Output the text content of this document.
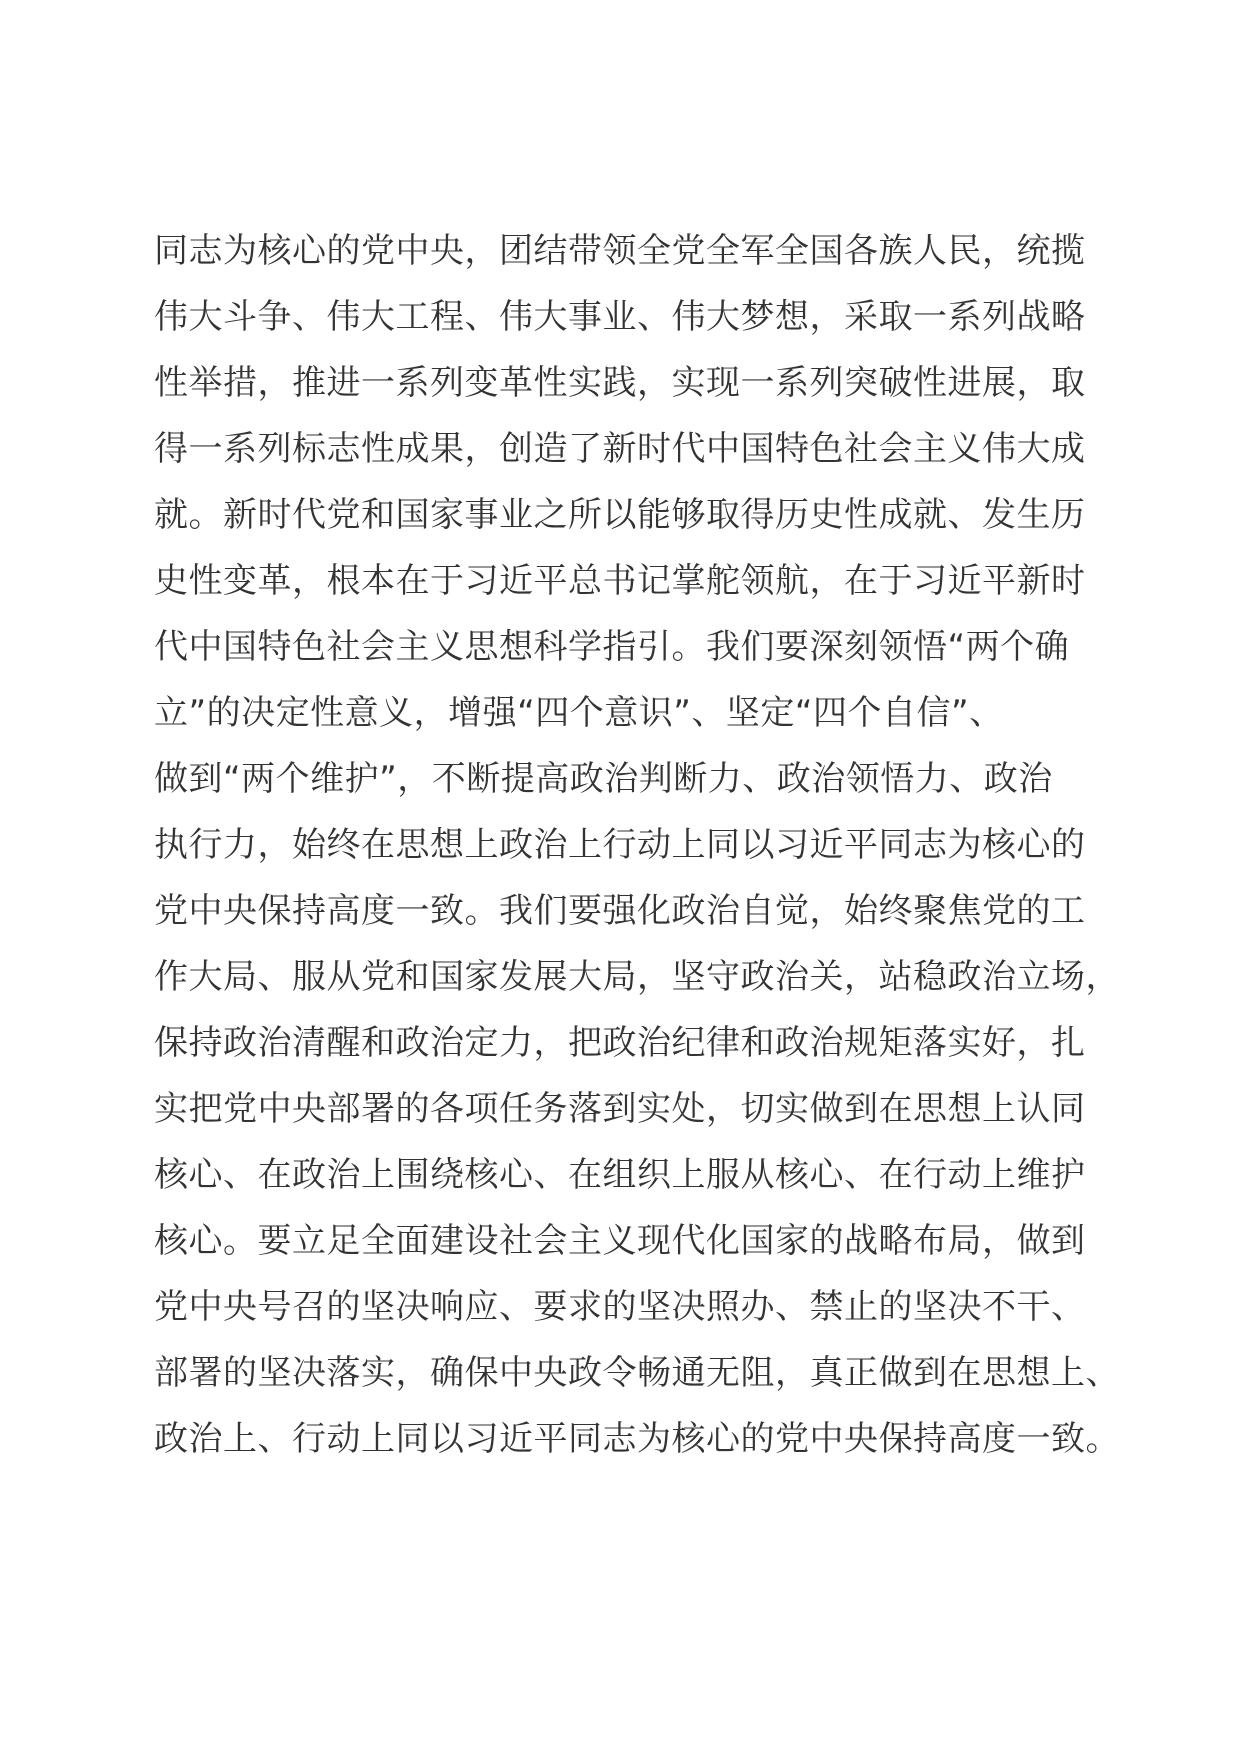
同志为核心的党中央，团结带领全党全军全国各族人民，统揽
伟大斗争、伟大工程、伟大事业、伟大梦想，采取一系列战略
性举措，推进一系列变革性实践，实现一系列突破性进展，取
得一系列标志性成果，创造了新时代中国特色社会主义伟大成
就。新时代党和国家事业之所以能够取得历史性成就、发生历
史性变革，根本在于习近平总书记掌舵领航，在于习近平新时
代中国特色社会主义思想科学指引。我们要深刻领悟“两个确
立”的决定性意义，增强“四个意识”、坚定“四个自信”、
做到“两个维护”，不断提高政治判断力、政治领悟力、政治
执行力，始终在思想上政治上行动上同以习近平同志为核心的
党中央保持高度一致。我们要强化政治自觉，始终聚焦党的工
作大局、服从党和国家发展大局，坚守政治关，站稳政治立场，
保持政治清醒和政治定力，把政治纪律和政治规矩落实好，扎
实把党中央部署的各项任务落到实处，切实做到在思想上认同
核心、在政治上围绕核心、在组织上服从核心、在行动上维护
核心。要立足全面建设社会主义现代化国家的战略布局，做到
党中央号召的坚决响应、要求的坚决照办、禁止的坚决不干、
部署的坚决落实，确保中央政令畅通无阻，真正做到在思想上、
政治上、行动上同以习近平同志为核心的党中央保持高度一致。
